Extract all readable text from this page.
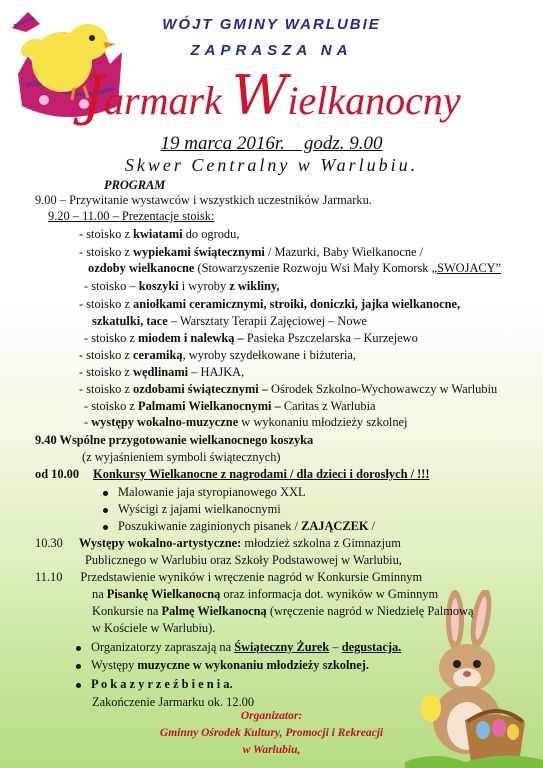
WÓJT GMINY WARLUBIE
ZAPRASZA NA
Jarmark Wielkanocny
19 marca 2016r.    godz. 9.00
Skwer Centralny w Warlubiu.
PROGRAM
9.00 – Przywitanie wystawców i wszystkich uczestników Jarmarku.
9.20 – 11.00 – Prezentacje stoisk:
- stoisko z kwiatami do ogrodu,
- stoisko z wypiekami świątecznymi / Mazurki, Baby Wielkanocne /
ozdoby wielkanocne (Stowarzyszenie Rozwoju Wsi Mały Komorsk „SWOJACY”
- stoisko – koszyki i wyroby z wikliny,
- stoisko z aniołkami ceramicznymi, stroiki, doniczki, jajka wielkanocne,
szkatulki, tace – Warsztaty Terapii Zajęciowej – Nowe
- stoisko z miodem i nalewką – Pasieka Pszczelarska – Kurzejewo
- stoisko z ceramiką, wyroby szydełkowane i biżuteria,
- stoisko z wędlinami – HAJKA,
- stoisko z ozdobami świątecznymi – Ośrodek Szkolno-Wychowawczy w Warlubiu
- stoisko z Palmami Wielkanocnymi – Caritas z Warlubia
- występy wokalno-muzyczne w wykonaniu młodzieży szkolnej
9.40 Wspólne przygotowanie wielkanocnego koszyka
(z wyjaśnieniem symboli świątecznych)
od 10.00 Konkursy Wielkanocne z nagrodami / dla dzieci i dorosłych / !!!
Malowanie jaja styropianowego XXL
Wyścigi z jajami wielkanocnymi
Poszukiwanie zaginionych pisanek / ZAJĄCZEK /
10.30 Występy wokalno-artystyczne: młodzież szkolna z Gimnazjum
Publicznego w Warlubiu oraz Szkoły Podstawowej w Warlubiu,
11.10 Przedstawienie wyników i wręczenie nagród w Konkursie Gminnym
na Pisankę Wielkanocną oraz informacja dot. wyników w Gminnym
Konkursie na Palmę Wielkanocną (wręczenie nagród w Niedzielę Palmową
w Kościele w Warlubiu).
Organizatorzy zapraszają na Świąteczny Żurek – degustacja.
Występy muzyczne w wykonaniu młodzieży szkolnej.
P o k a z y r z e ź b i e n i a.
Zakończenie Jarmarku ok. 12.00
Organizator:
Gminny Ośrodek Kultury, Promocji i Rekreacji
w Warlubiu,
